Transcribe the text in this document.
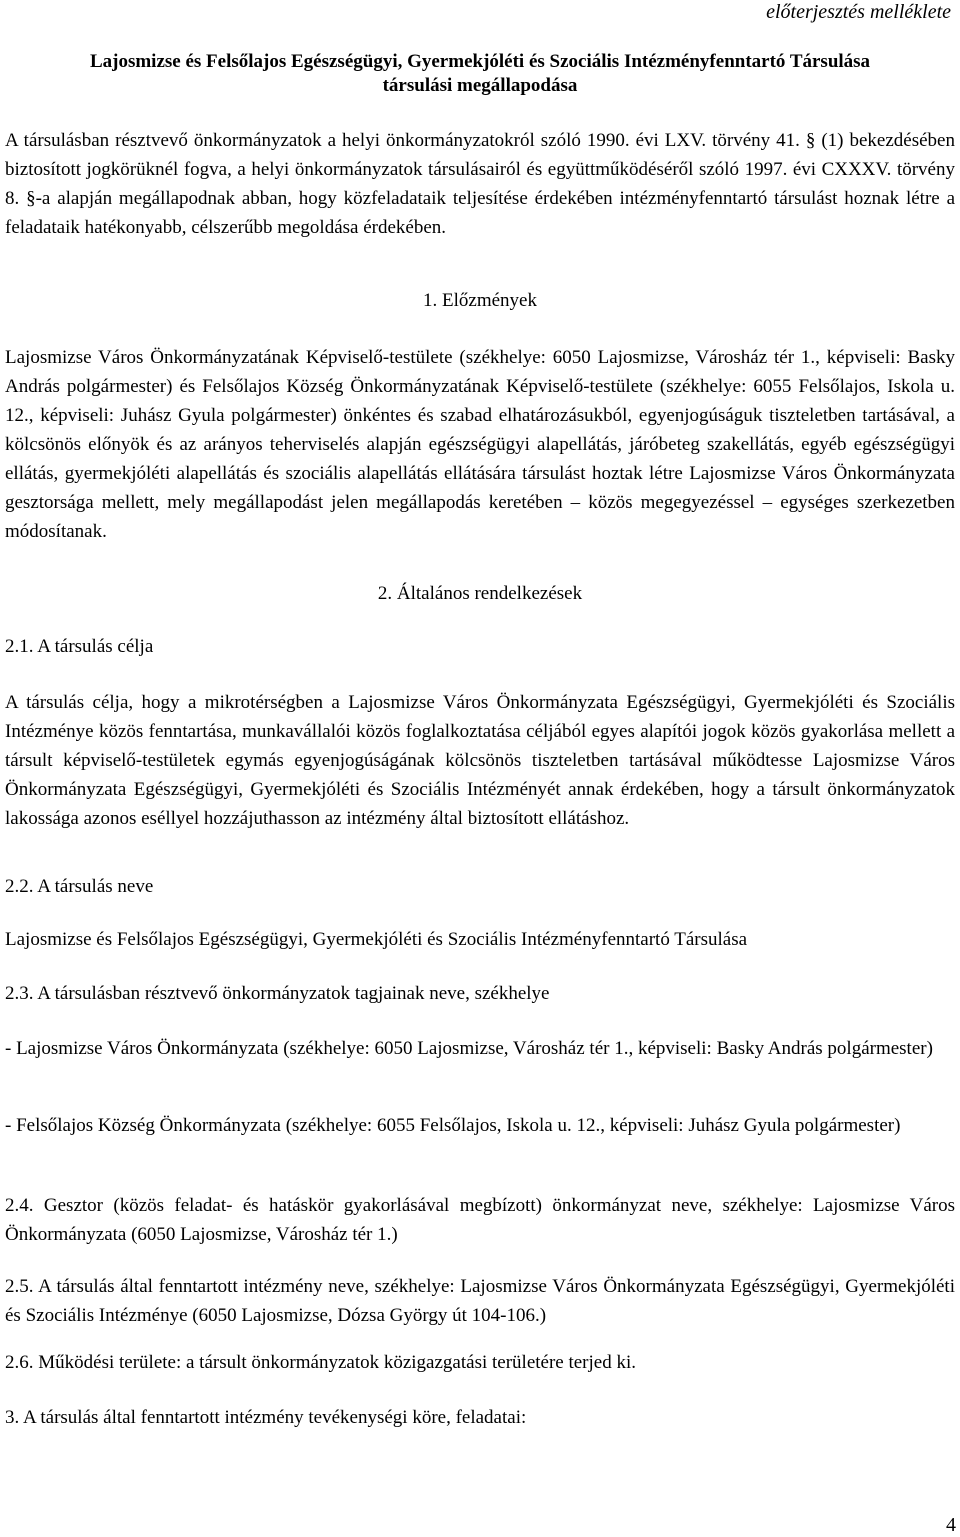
előterjesztés melléklete
Lajosmizse és Felsőlajos Egészségügyi, Gyermekjóléti és Szociális Intézményfenntartó Társulása
társulási megállapodása

A társulásban résztvevő önkormányzatok a helyi önkormányzatokról szóló 1990. évi LXV. törvény 41. § (1) bekezdésében biztosított jogkörüknél fogva, a helyi önkormányzatok társulásairól és együttműködéséről szóló 1997. évi CXXXV. törvény 8. §-a alapján megállapodnak abban, hogy közfeladataik teljesítése érdekében intézményfenntartó társulást hoznak létre a feladataik hatékonyabb, célszerűbb megoldása érdekében.

1. Előzmények

Lajosmizse Város Önkormányzatának Képviselő-testülete (székhelye: 6050 Lajosmizse, Városház tér 1., képviseli: Basky András polgármester) és Felsőlajos Község Önkormányzatának Képviselő-testülete (székhelye: 6055 Felsőlajos, Iskola u. 12., képviseli: Juhász Gyula polgármester) önkéntes és szabad elhatározásukból, egyenjogúságuk tiszteletben tartásával, a kölcsönös előnyök és az arányos teherviselés alapján egészségügyi alapellátás, járóbeteg szakellátás, egyéb egészségügyi ellátás, gyermekjóléti alapellátás és szociális alapellátás ellátására társulást hoztak létre Lajosmizse Város Önkormányzata gesztorsága mellett, mely megállapodást jelen megállapodás keretében – közös megegyezéssel – egységes szerkezetben módosítanak.

2. Általános rendelkezések
2.1. A társulás célja

A társulás célja, hogy a mikrotérségben a Lajosmizse Város Önkormányzata Egészségügyi, Gyermekjóléti és Szociális Intézménye közös fenntartása, munkavállalói közös foglalkoztatása céljából egyes alapítói jogok közös gyakorlása mellett a társult képviselő-testületek egymás egyenjogúságának kölcsönös tiszteletben tartásával működtesse Lajosmizse Város Önkormányzata Egészségügyi, Gyermekjóléti és Szociális Intézményét annak érdekében, hogy a társult önkormányzatok lakossága azonos eséllyel hozzájuthasson az intézmény által biztosított ellátáshoz.

2.2. A társulás neve
Lajosmizse és Felsőlajos Egészségügyi, Gyermekjóléti és Szociális Intézményfenntartó Társulása
2.3. A társulásban résztvevő önkormányzatok tagjainak neve, székhelye

- Lajosmizse Város Önkormányzata (székhelye: 6050 Lajosmizse, Városház tér 1., képviseli: Basky András polgármester)

- Felsőlajos Község Önkormányzata (székhelye: 6055 Felsőlajos, Iskola u. 12., képviseli: Juhász Gyula polgármester)

2.4. Gesztor (közös feladat- és hatáskör gyakorlásával megbízott) önkormányzat neve, székhelye: Lajosmizse Város Önkormányzata (6050 Lajosmizse, Városház tér 1.)

2.5. A társulás által fenntartott intézmény neve, székhelye: Lajosmizse Város Önkormányzata Egészségügyi, Gyermekjóléti és Szociális Intézménye (6050 Lajosmizse, Dózsa György út 104-106.)

2.6. Működési területe: a társult önkormányzatok közigazgatási területére terjed ki.
3. A társulás által fenntartott intézmény tevékenységi köre, feladatai:
4
